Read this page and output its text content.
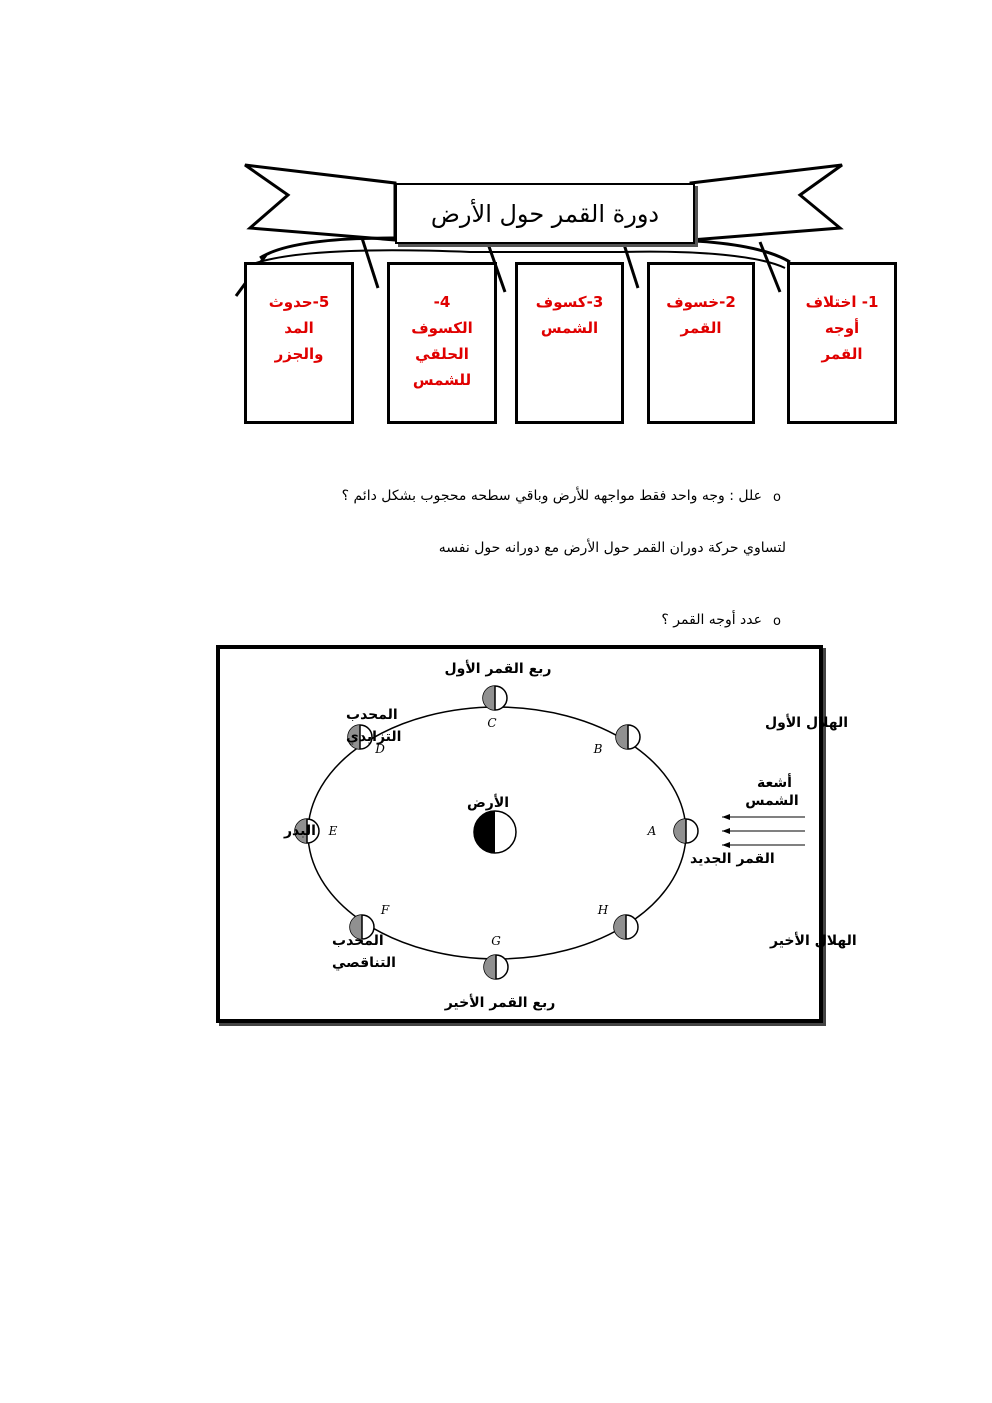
دورة القمر حول الأرض
1- اختلاف
أوجه
القمر
2-خسوف
القمر
3-كسوف
الشمس
4-
الكسوف
الحلقي
للشمس
5-حدوث
المد
والجزر
o
علل : وجه واحد فقط مواجهه للأرض وباقي سطحه محجوب بشكل دائم ؟
لتساوي حركة دوران القمر حول الأرض مع دورانه حول نفسه
o
عدد أوجه القمر ؟
الأرض
أشعة الشمس
A
القمر الجديد
B
الهلال الأول
C
ربع القمر الأول
D
المحدب التزايدي
E
البدر
F
المحدب التناقصي
G
ربع القمر الأخير
H
الهلال الأخير
